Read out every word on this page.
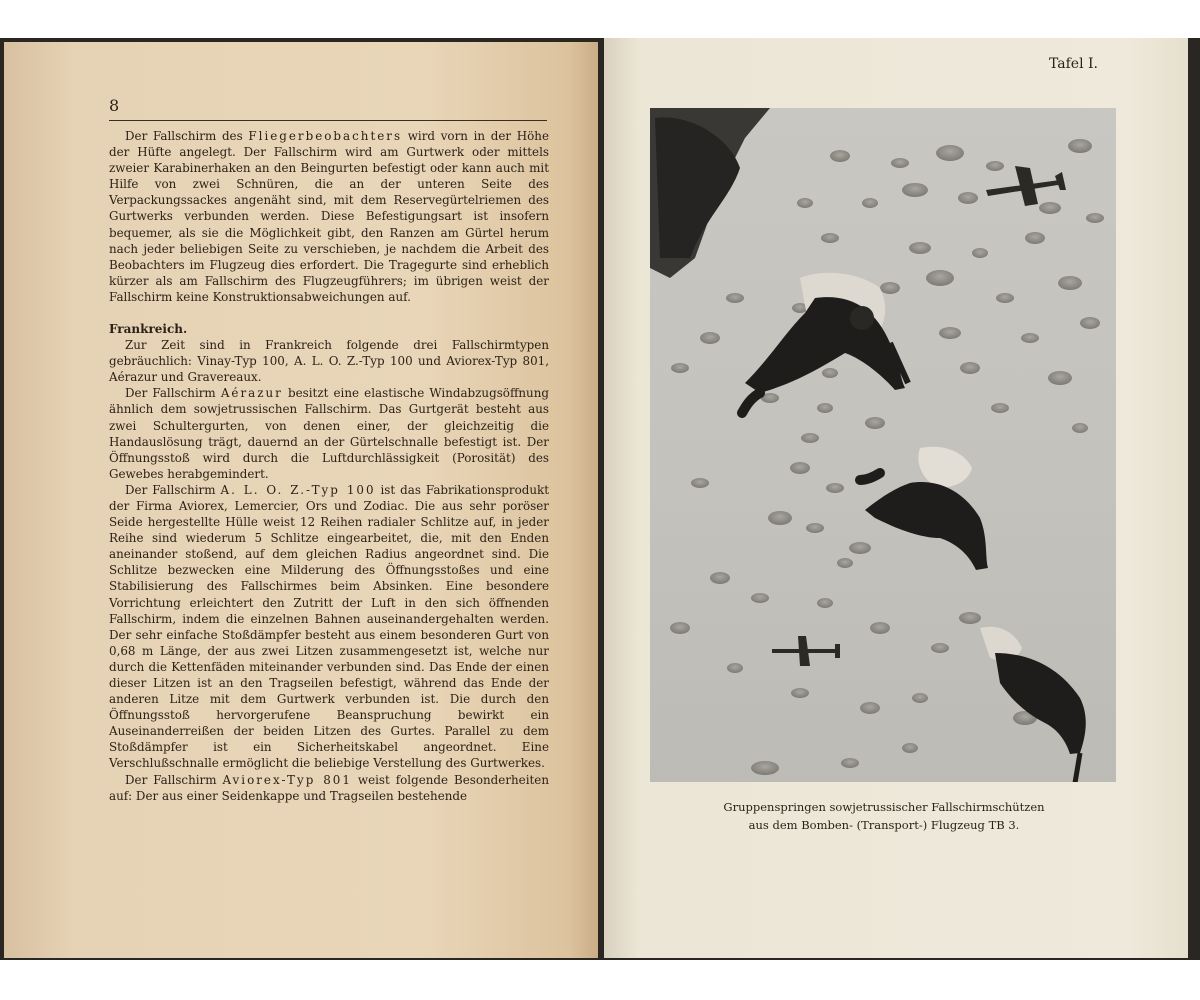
8

Der Fallschirm des Fliegerbeobachters wird vorn in der Höhe der Hüfte angelegt. Der Fallschirm wird am Gurtwerk oder mittels zweier Karabinerhaken an den Beingurten befestigt oder kann auch mit Hilfe von zwei Schnüren, die an der unteren Seite des Verpackungssackes angenäht sind, mit dem Reservegürtelriemen des Gurtwerks verbunden werden. Diese Befestigungsart ist insofern bequemer, als sie die Möglichkeit gibt, den Ranzen am Gürtel herum nach jeder beliebigen Seite zu verschieben, je nachdem die Arbeit des Beobachters im Flugzeug dies erfordert. Die Tragegurte sind erheblich kürzer als am Fallschirm des Flugzeugführers; im übrigen weist der Fallschirm keine Konstruktionsabweichungen auf.

Frankreich.

Zur Zeit sind in Frankreich folgende drei Fallschirmtypen gebräuchlich: Vinay-Typ 100, A. L. O. Z.-Typ 100 und Aviorex-Typ 801, Aérazur und Gravereaux.

Der Fallschirm Aérazur besitzt eine elastische Windabzugsöffnung ähnlich dem sowjetrussischen Fallschirm. Das Gurtgerät besteht aus zwei Schultergurten, von denen einer, der gleichzeitig die Handauslösung trägt, dauernd an der Gürtelschnalle befestigt ist. Der Öffnungsstoß wird durch die Luftdurchlässigkeit (Porosität) des Gewebes herabgemindert.

Der Fallschirm A. L. O. Z.-Typ 100 ist das Fabrikationsprodukt der Firma Aviorex, Lemercier, Ors und Zodiac. Die aus sehr poröser Seide hergestellte Hülle weist 12 Reihen radialer Schlitze auf, in jeder Reihe sind wiederum 5 Schlitze eingearbeitet, die, mit den Enden aneinander stoßend, auf dem gleichen Radius angeordnet sind. Die Schlitze bezwecken eine Milderung des Öffnungsstoßes und eine Stabilisierung des Fallschirmes beim Absinken. Eine besondere Vorrichtung erleichtert den Zutritt der Luft in den sich öffnenden Fallschirm, indem die einzelnen Bahnen auseinandergehalten werden. Der sehr einfache Stoßdämpfer besteht aus einem besonderen Gurt von 0,68 m Länge, der aus zwei Litzen zusammengesetzt ist, welche nur durch die Kettenfäden miteinander verbunden sind. Das Ende der einen dieser Litzen ist an den Tragseilen befestigt, während das Ende der anderen Litze mit dem Gurtwerk verbunden ist. Die durch den Öffnungsstoß hervorgerufene Beanspruchung bewirkt ein Auseinanderreißen der beiden Litzen des Gurtes. Parallel zu dem Stoßdämpfer ist ein Sicherheitskabel angeordnet. Eine Verschlußschnalle ermöglicht die beliebige Verstellung des Gurtwerkes.

Der Fallschirm Aviorex-Typ 801 weist folgende Besonderheiten auf: Der aus einer Seidenkappe und Tragseilen bestehende

Tafel I.
Gruppenspringen sowjetrussischer Fallschirmschützen
aus dem Bomben- (Transport-) Flugzeug TB 3.
